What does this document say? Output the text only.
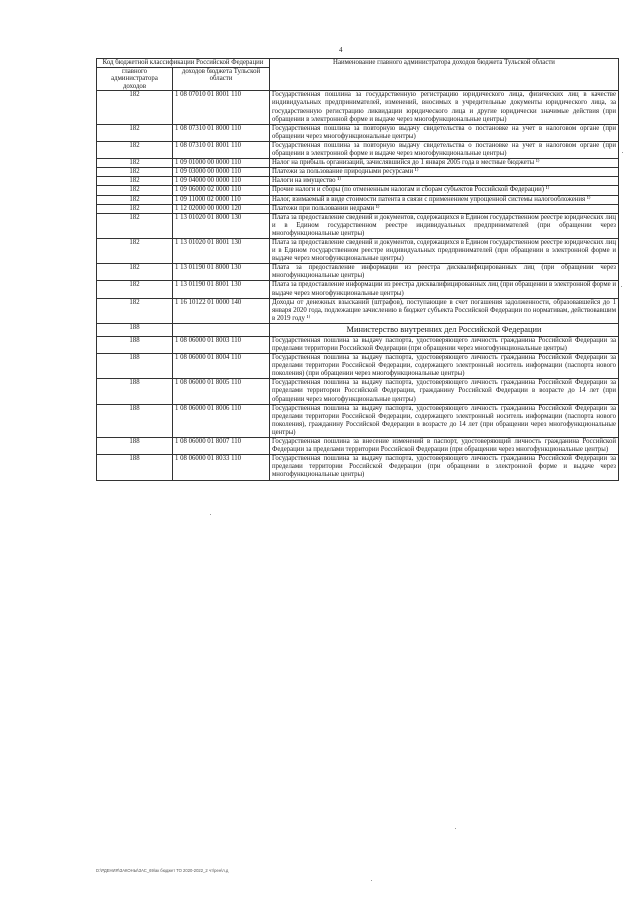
4
Код бюджетной классификации Российской Федерации		Наименование главного администратора доходов бюджета Тульской области
главного администратора доходов	доходов бюджета Тульской области	
182	1 08 07010 01 8001 110	Государственная пошлина за государственную регистрацию юридического лица, физических лиц в качестве индивидуальных предпринимателей, изменений, вносимых в учредительные документы юридического лица, за государственную регистрацию ликвидации юридического лица и другие юридически значимые действия (при обращении в электронной форме и выдаче через многофункциональные центры)
182	1 08 07310 01 8000 110	Государственная пошлина за повторную выдачу свидетельства о постановке на учет в налоговом органе (при обращении через многофункциональные центры)
182	1 08 07310 01 8001 110	Государственная пошлина за повторную выдачу свидетельства о постановке на учет в налоговом органе (при обращении в электронной форме и выдаче через многофункциональные центры)
182	1 09 01000 00 0000 110	Налог на прибыль организаций, зачислявшийся до 1 января 2005 года в местные бюджеты ¹⁾
182	1 09 03000 00 0000 110	Платежи за пользование природными ресурсами ¹⁾
182	1 09 04000 00 0000 110	Налоги на имущество ¹⁾
182	1 09 06000 02 0000 110	Прочие налоги и сборы (по отмененным налогам и сборам субъектов Российской Федерации) ¹⁾
182	1 09 11000 02 0000 110	Налог, взимаемый в виде стоимости патента в связи с применением упрощенной системы налогообложения ¹⁾
182	1 12 02000 00 0000 120	Платежи при пользовании недрами ¹⁾
182	1 13 01020 01 8000 130	Плата за предоставление сведений и документов, содержащихся в Едином государственном реестре юридических лиц и в Едином государственном реестре индивидуальных предпринимателей (при обращении через многофункциональные центры)
182	1 13 01020 01 8001 130	Плата за предоставление сведений и документов, содержащихся в Едином государственном реестре юридических лиц и в Едином государственном реестре индивидуальных предпринимателей (при обращении в электронной форме и выдаче через многофункциональные центры)
182	1 13 01190 01 8000 130	Плата за предоставление информации из реестра дисквалифицированных лиц (при обращении через многофункциональные центры)
182	1 13 01190 01 8001 130	Плата за предоставление информации из реестра дисквалифицированных лиц (при обращении в электронной форме и выдаче через многофункциональные центры)
182	1 16 10122 01 0000 140	Доходы от денежных взысканий (штрафов), поступающие в счет погашения задолженности, образовавшейся до 1 января 2020 года, подлежащие зачислению в бюджет субъекта Российской Федерации по нормативам, действовавшим в 2019 году ¹⁾
188		Министерство внутренних дел Российской Федерации
188	1 08 06000 01 8003 110	Государственная пошлина за выдачу паспорта, удостоверяющего личность гражданина Российской Федерации за пределами территории Российской Федерации (при обращении через многофункциональные центры)
188	1 08 06000 01 8004 110	Государственная пошлина за выдачу паспорта, удостоверяющего личность гражданина Российской Федерации за пределами территории Российской Федерации, содержащего электронный носитель информации (паспорта нового поколения) (при обращении через многофункциональные центры)
188	1 08 06000 01 8005 110	Государственная пошлина за выдачу паспорта, удостоверяющего личность гражданина Российской Федерации за пределами территории Российской Федерации, гражданину Российской Федерации в возрасте до 14 лет (при обращении через многофункциональные центры)
188	1 08 06000 01 8006 110	Государственная пошлина за выдачу паспорта, удостоверяющего личность гражданина Российской Федерации за пределами территории Российской Федерации, содержащего электронный носитель информации (паспорта нового поколения), гражданину Российской Федерации в возрасте до 14 лет (при обращении через многофункциональные центры)
188	1 08 06000 01 8007 110	Государственная пошлина за внесение изменений в паспорт, удостоверяющий личность гражданина Российской Федерации за пределами территории Российской Федерации (при обращении через многофункциональные центры)
188	1 08 06000 01 8033 110	Государственная пошлина за выдачу паспорта, удостоверяющего личность гражданина Российской Федерации за пределами территории Российской Федерации (при обращении в электронной форме и выдаче через многофункциональные центры)
D:\РДЕНИЯ\ЗАКОНЫ\ЗАС_69\ак бюджет ТО 2020-2022_2 чт\рен\л.д
